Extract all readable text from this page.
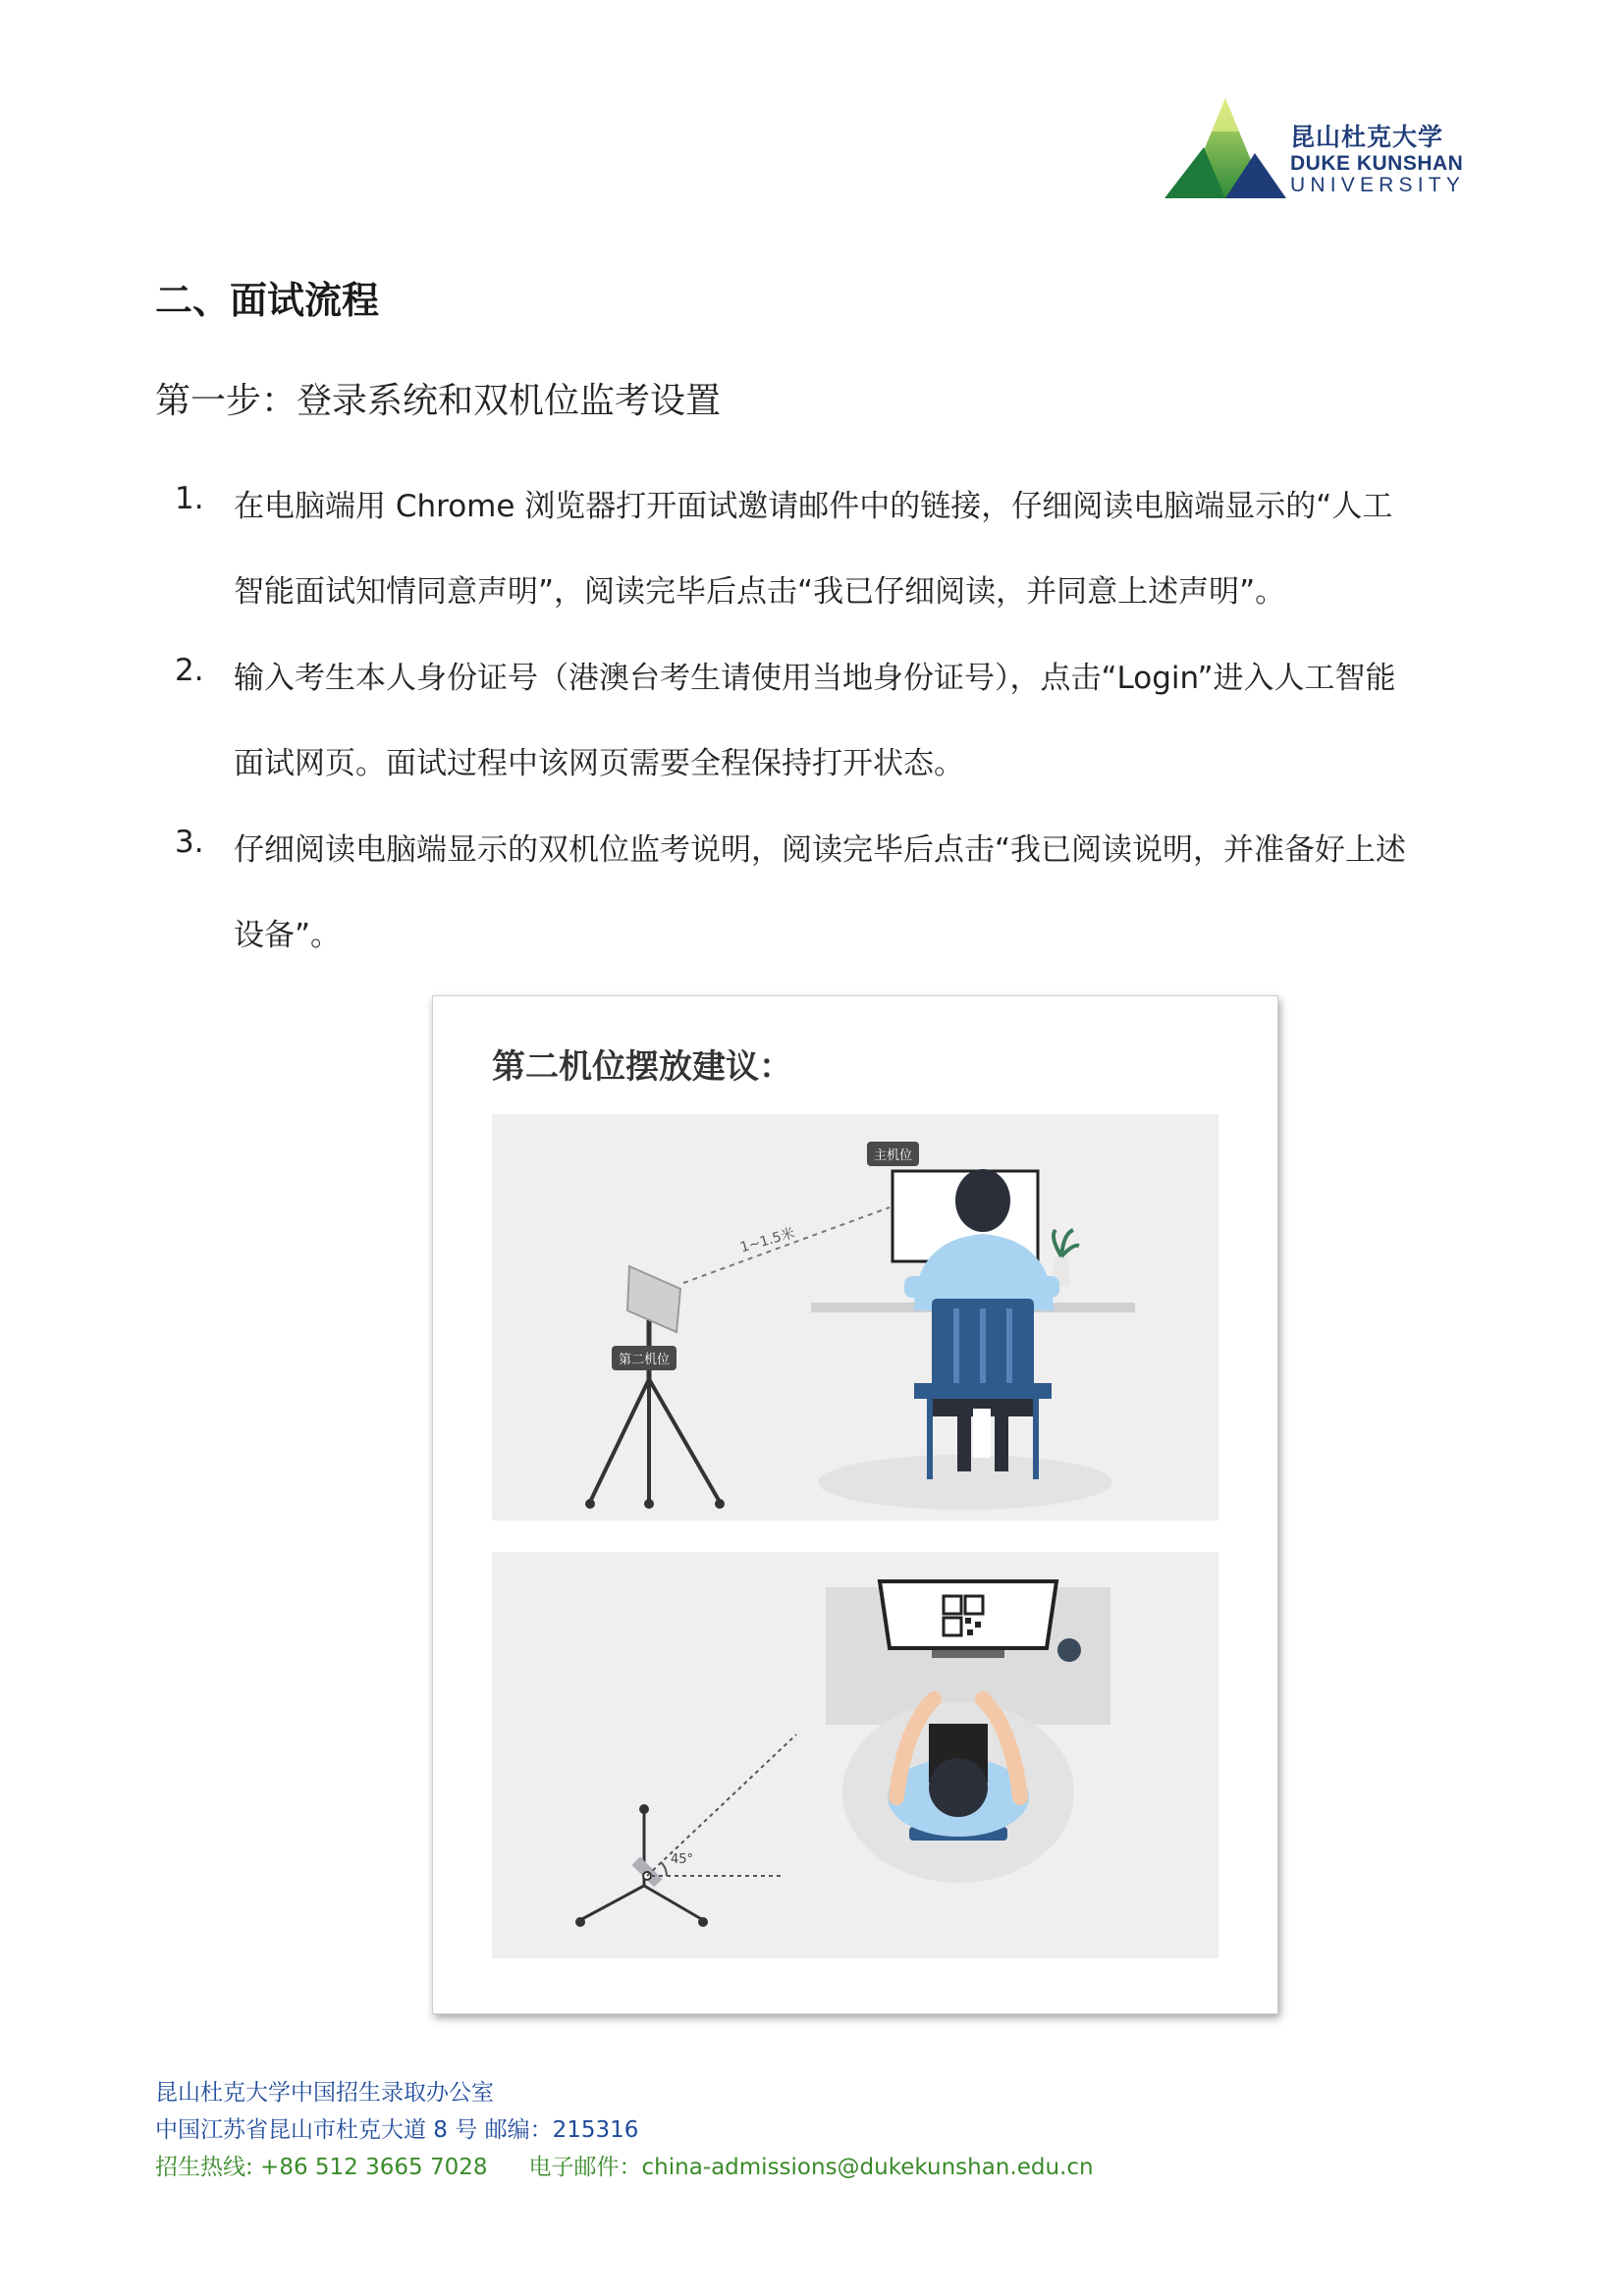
昆山杜克大学
DUKE KUNSHAN
UNIVERSITY
二、面试流程
第一步：登录系统和双机位监考设置
1. 在电脑端用 Chrome 浏览器打开面试邀请邮件中的链接，仔细阅读电脑端显示的“人工
智能面试知情同意声明”，阅读完毕后点击“我已仔细阅读，并同意上述声明”。
2. 输入考生本人身份证号（港澳台考生请使用当地身份证号），点击“Login”进入人工智能
面试网页。面试过程中该网页需要全程保持打开状态。
3. 仔细阅读电脑端显示的双机位监考说明，阅读完毕后点击“我已阅读说明，并准备好上述
设备”。
第二机位摆放建议：
主机位
第二机位
1~1.5米
45°
昆山杜克大学中国招生录取办公室
中国江苏省昆山市杜克大道 8 号 邮编：215316
招生热线: +86 512 3665 7028 电子邮件：china-admissions@dukekunshan.edu.cn
